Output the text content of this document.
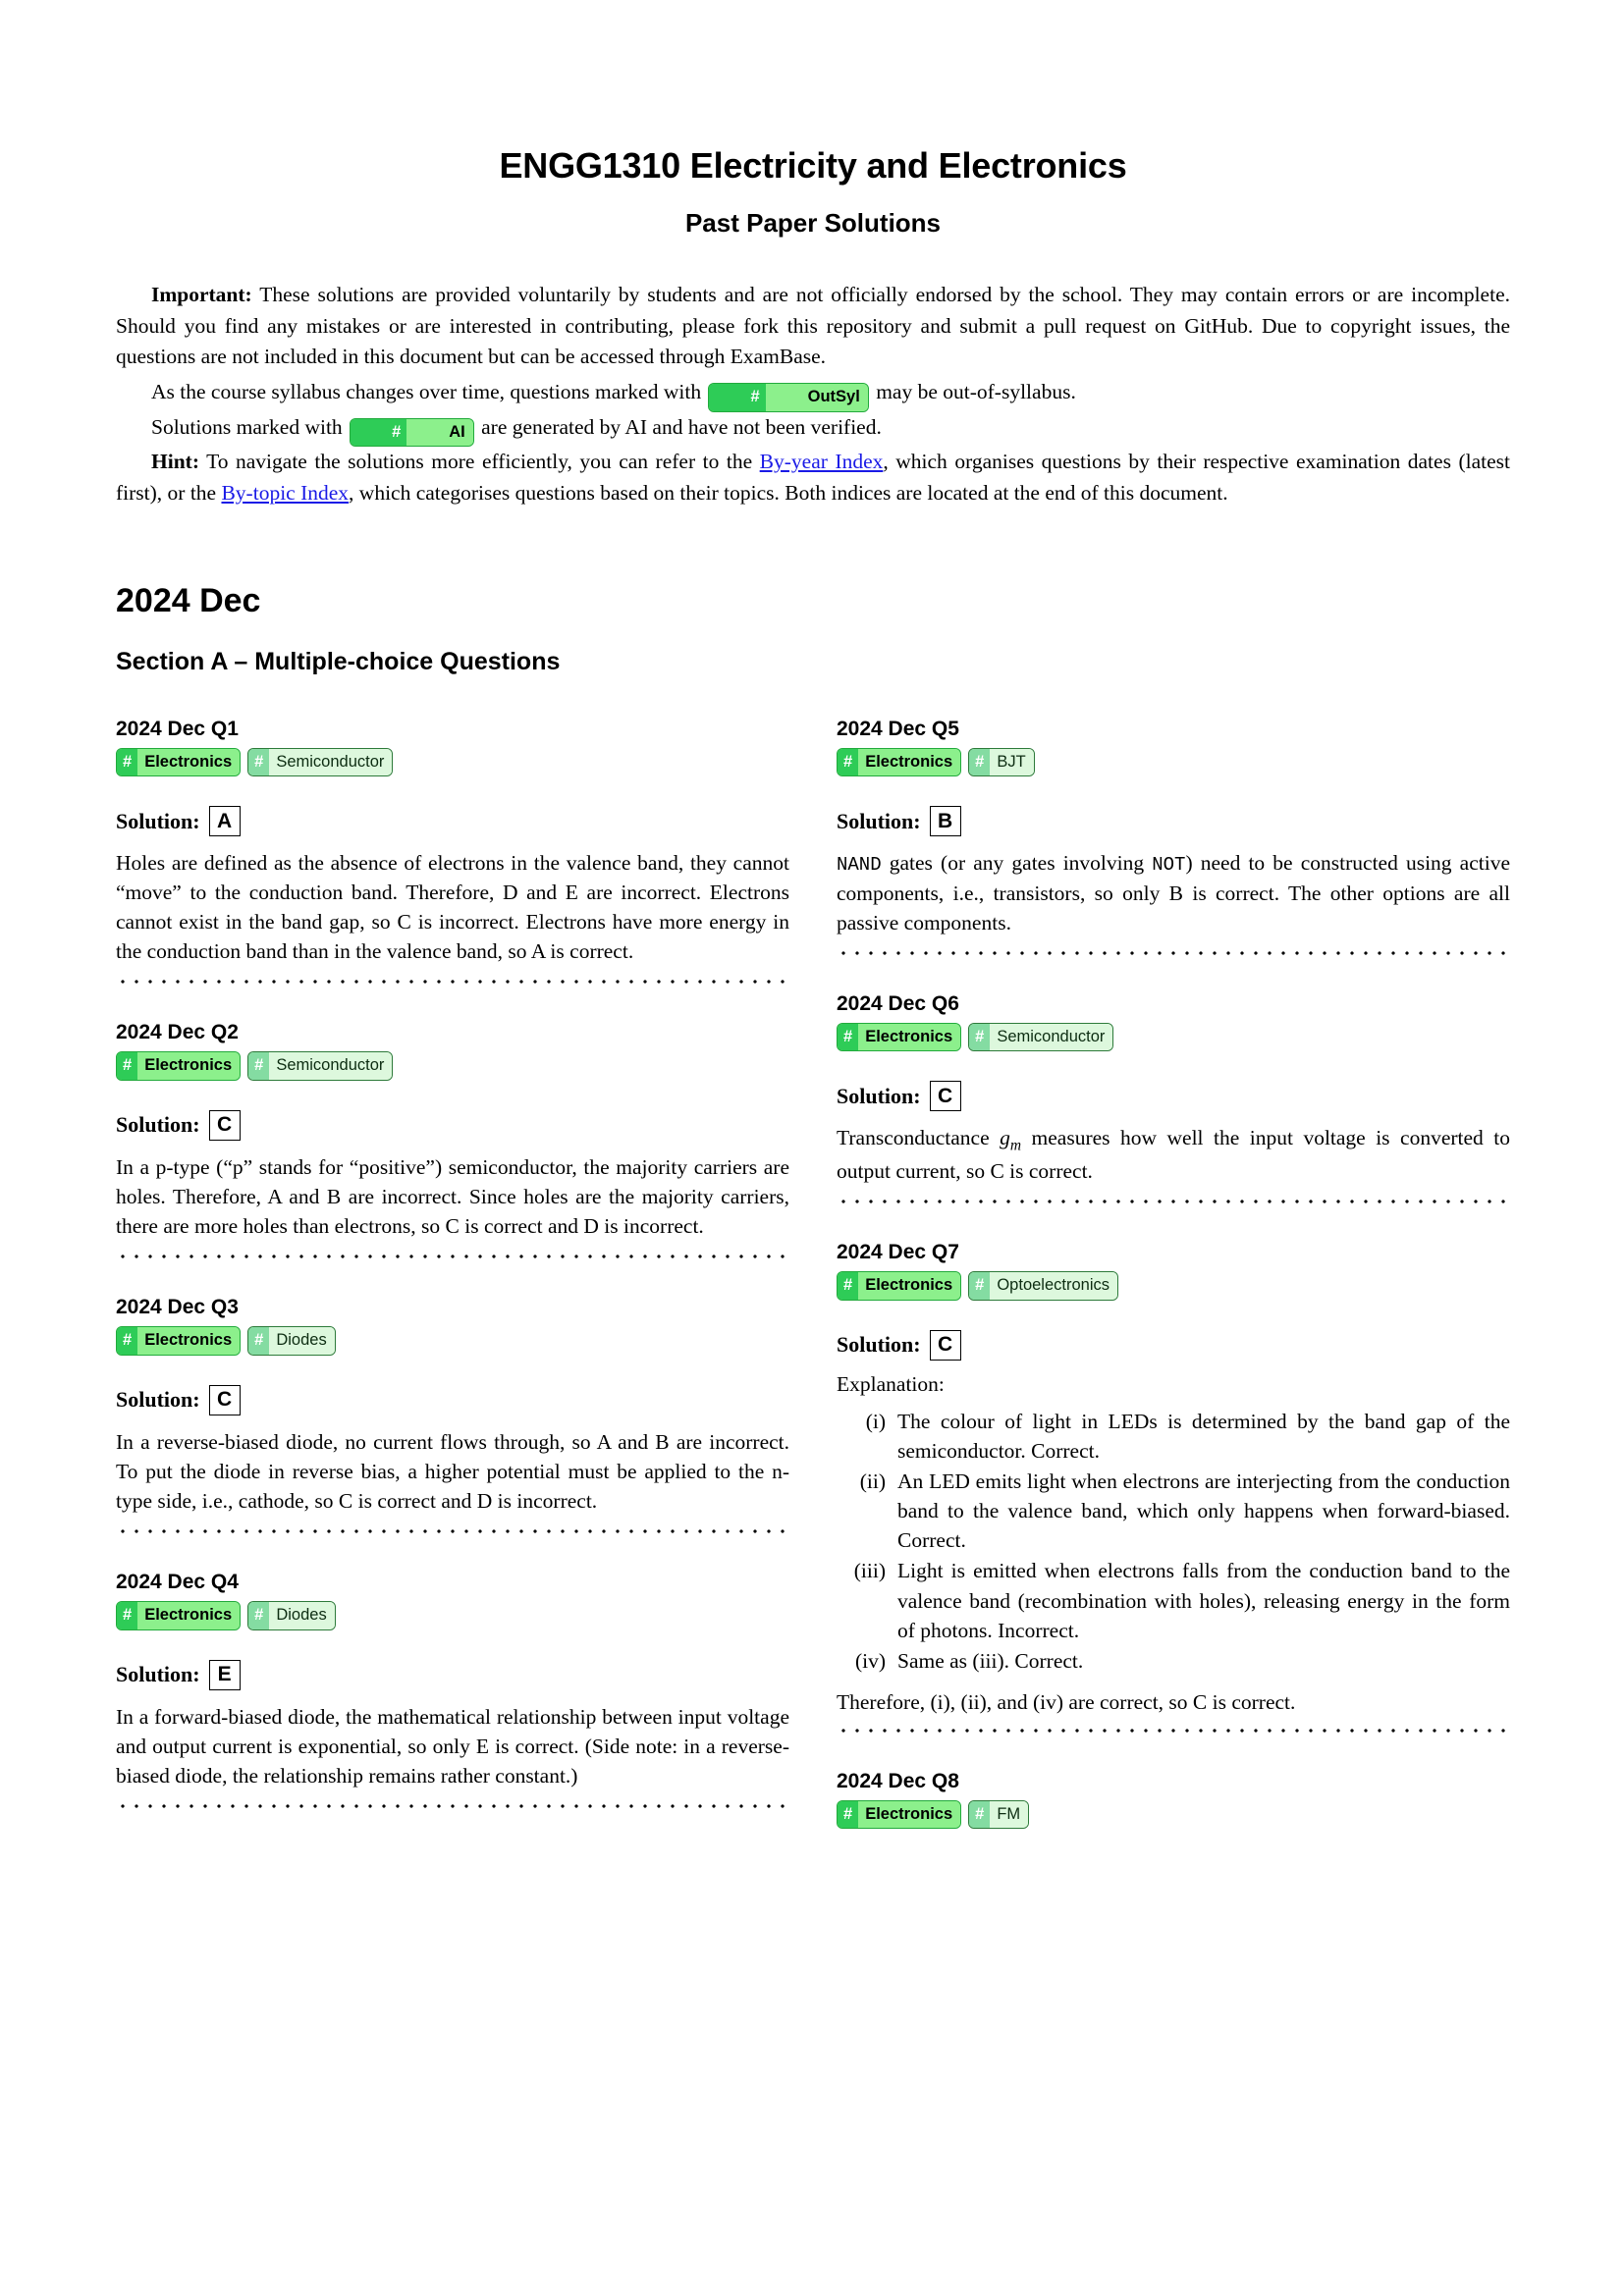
ENGG1310 Electricity and Electronics
Past Paper Solutions

Important: These solutions are provided voluntarily by students and are not officially endorsed by the school. They may contain errors or are incomplete. Should you find any mistakes or are interested in contributing, please fork this repository and submit a pull request on GitHub. Due to copyright issues, the questions are not included in this document but can be accessed through ExamBase.

As the course syllabus changes over time, questions marked with	#	OutSyl may be out-of-syllabus.

Solutions marked with	#	AI are generated by AI and have not been verified.

Hint: To navigate the solutions more efficiently, you can refer to the By-year Index, which organises questions by their respective examination dates (latest first), or the By-topic Index, which categorises questions based on their topics. Both indices are located at the end of this document.

2024 Dec
Section A – Multiple-choice Questions
2024 Dec Q1
# Electronics	# Semiconductor
Solution: A

Holes are defined as the absence of electrons in the valence band, they cannot “move” to the conduction band. Therefore, D and E are incorrect. Electrons cannot exist in the band gap, so C is incorrect. Electrons have more energy in the conduction band than in the valence band, so A is correct.

2024 Dec Q2
# Electronics	# Semiconductor
Solution: C

In a p-type (“p” stands for “positive”) semiconductor, the majority carriers are holes. Therefore, A and B are incorrect. Since holes are the majority carriers, there are more holes than electrons, so C is correct and D is incorrect.

2024 Dec Q3
# Electronics	# Diodes
Solution: C

In a reverse-biased diode, no current flows through, so A and B are incorrect. To put the diode in reverse bias, a higher potential must be applied to the n-type side, i.e., cathode, so C is correct and D is incorrect.

2024 Dec Q4
# Electronics	# Diodes
Solution: E

In a forward-biased diode, the mathematical relationship between input voltage and output current is exponential, so only E is correct. (Side note: in a reverse-biased diode, the relationship remains rather constant.)

2024 Dec Q5
# Electronics	# BJT
Solution: B

NAND gates (or any gates involving NOT) need to be constructed using active components, i.e., transistors, so only B is correct. The other options are all passive components.

2024 Dec Q6
# Electronics	# Semiconductor
Solution: C

Transconductance $g_m$ measures how well the input voltage is converted to output current, so C is correct.

2024 Dec Q7
# Electronics	# Optoelectronics
Solution: C

Explanation:

(i) The colour of light in LEDs is determined by the band gap of the semiconductor. Correct.
(ii) An LED emits light when electrons are interjecting from the conduction band to the valence band, which only happens when forward-biased. Correct.
(iii) Light is emitted when electrons falls from the conduction band to the valence band (recombination with holes), releasing energy in the form of photons. Incorrect.
(iv) Same as (iii). Correct.

Therefore, (i), (ii), and (iv) are correct, so C is correct.

2024 Dec Q8
# Electronics	# FM
